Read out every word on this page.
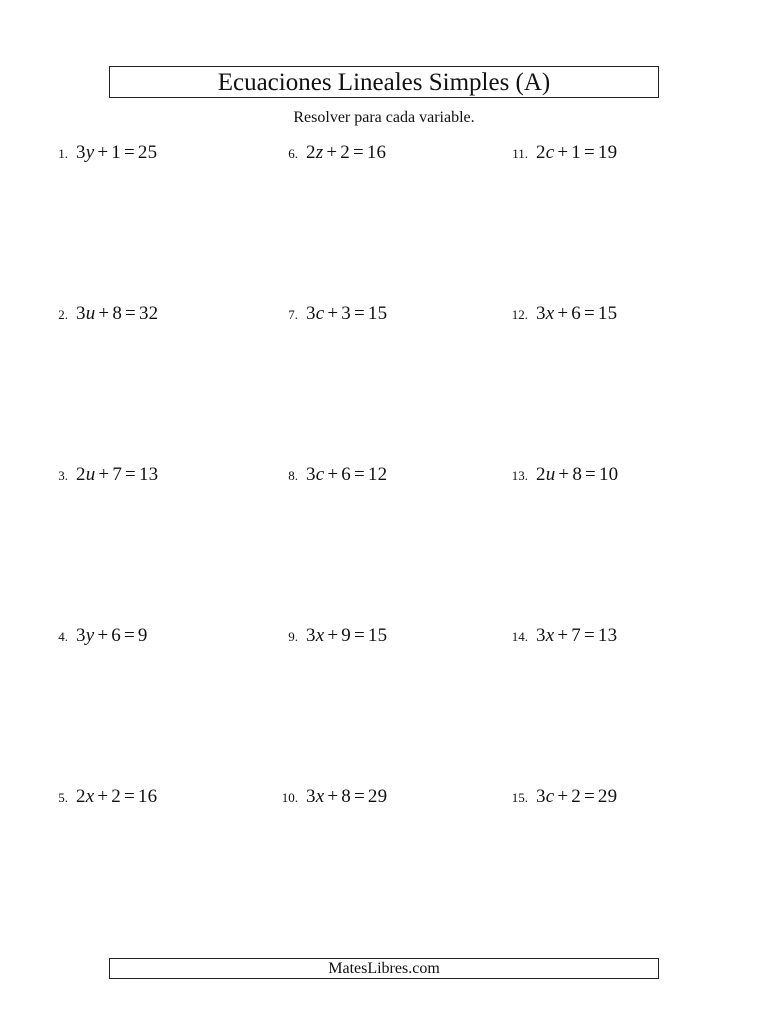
Ecuaciones Lineales Simples (A)
Resolver para cada variable.
1. 3y + 1 = 25
2. 3u + 8 = 32
3. 2u + 7 = 13
4. 3y + 6 = 9
5. 2x + 2 = 16
6. 2z + 2 = 16
7. 3c + 3 = 15
8. 3c + 6 = 12
9. 3x + 9 = 15
10. 3x + 8 = 29
11. 2c + 1 = 19
12. 3x + 6 = 15
13. 2u + 8 = 10
14. 3x + 7 = 13
15. 3c + 2 = 29
MatesLibres.com
